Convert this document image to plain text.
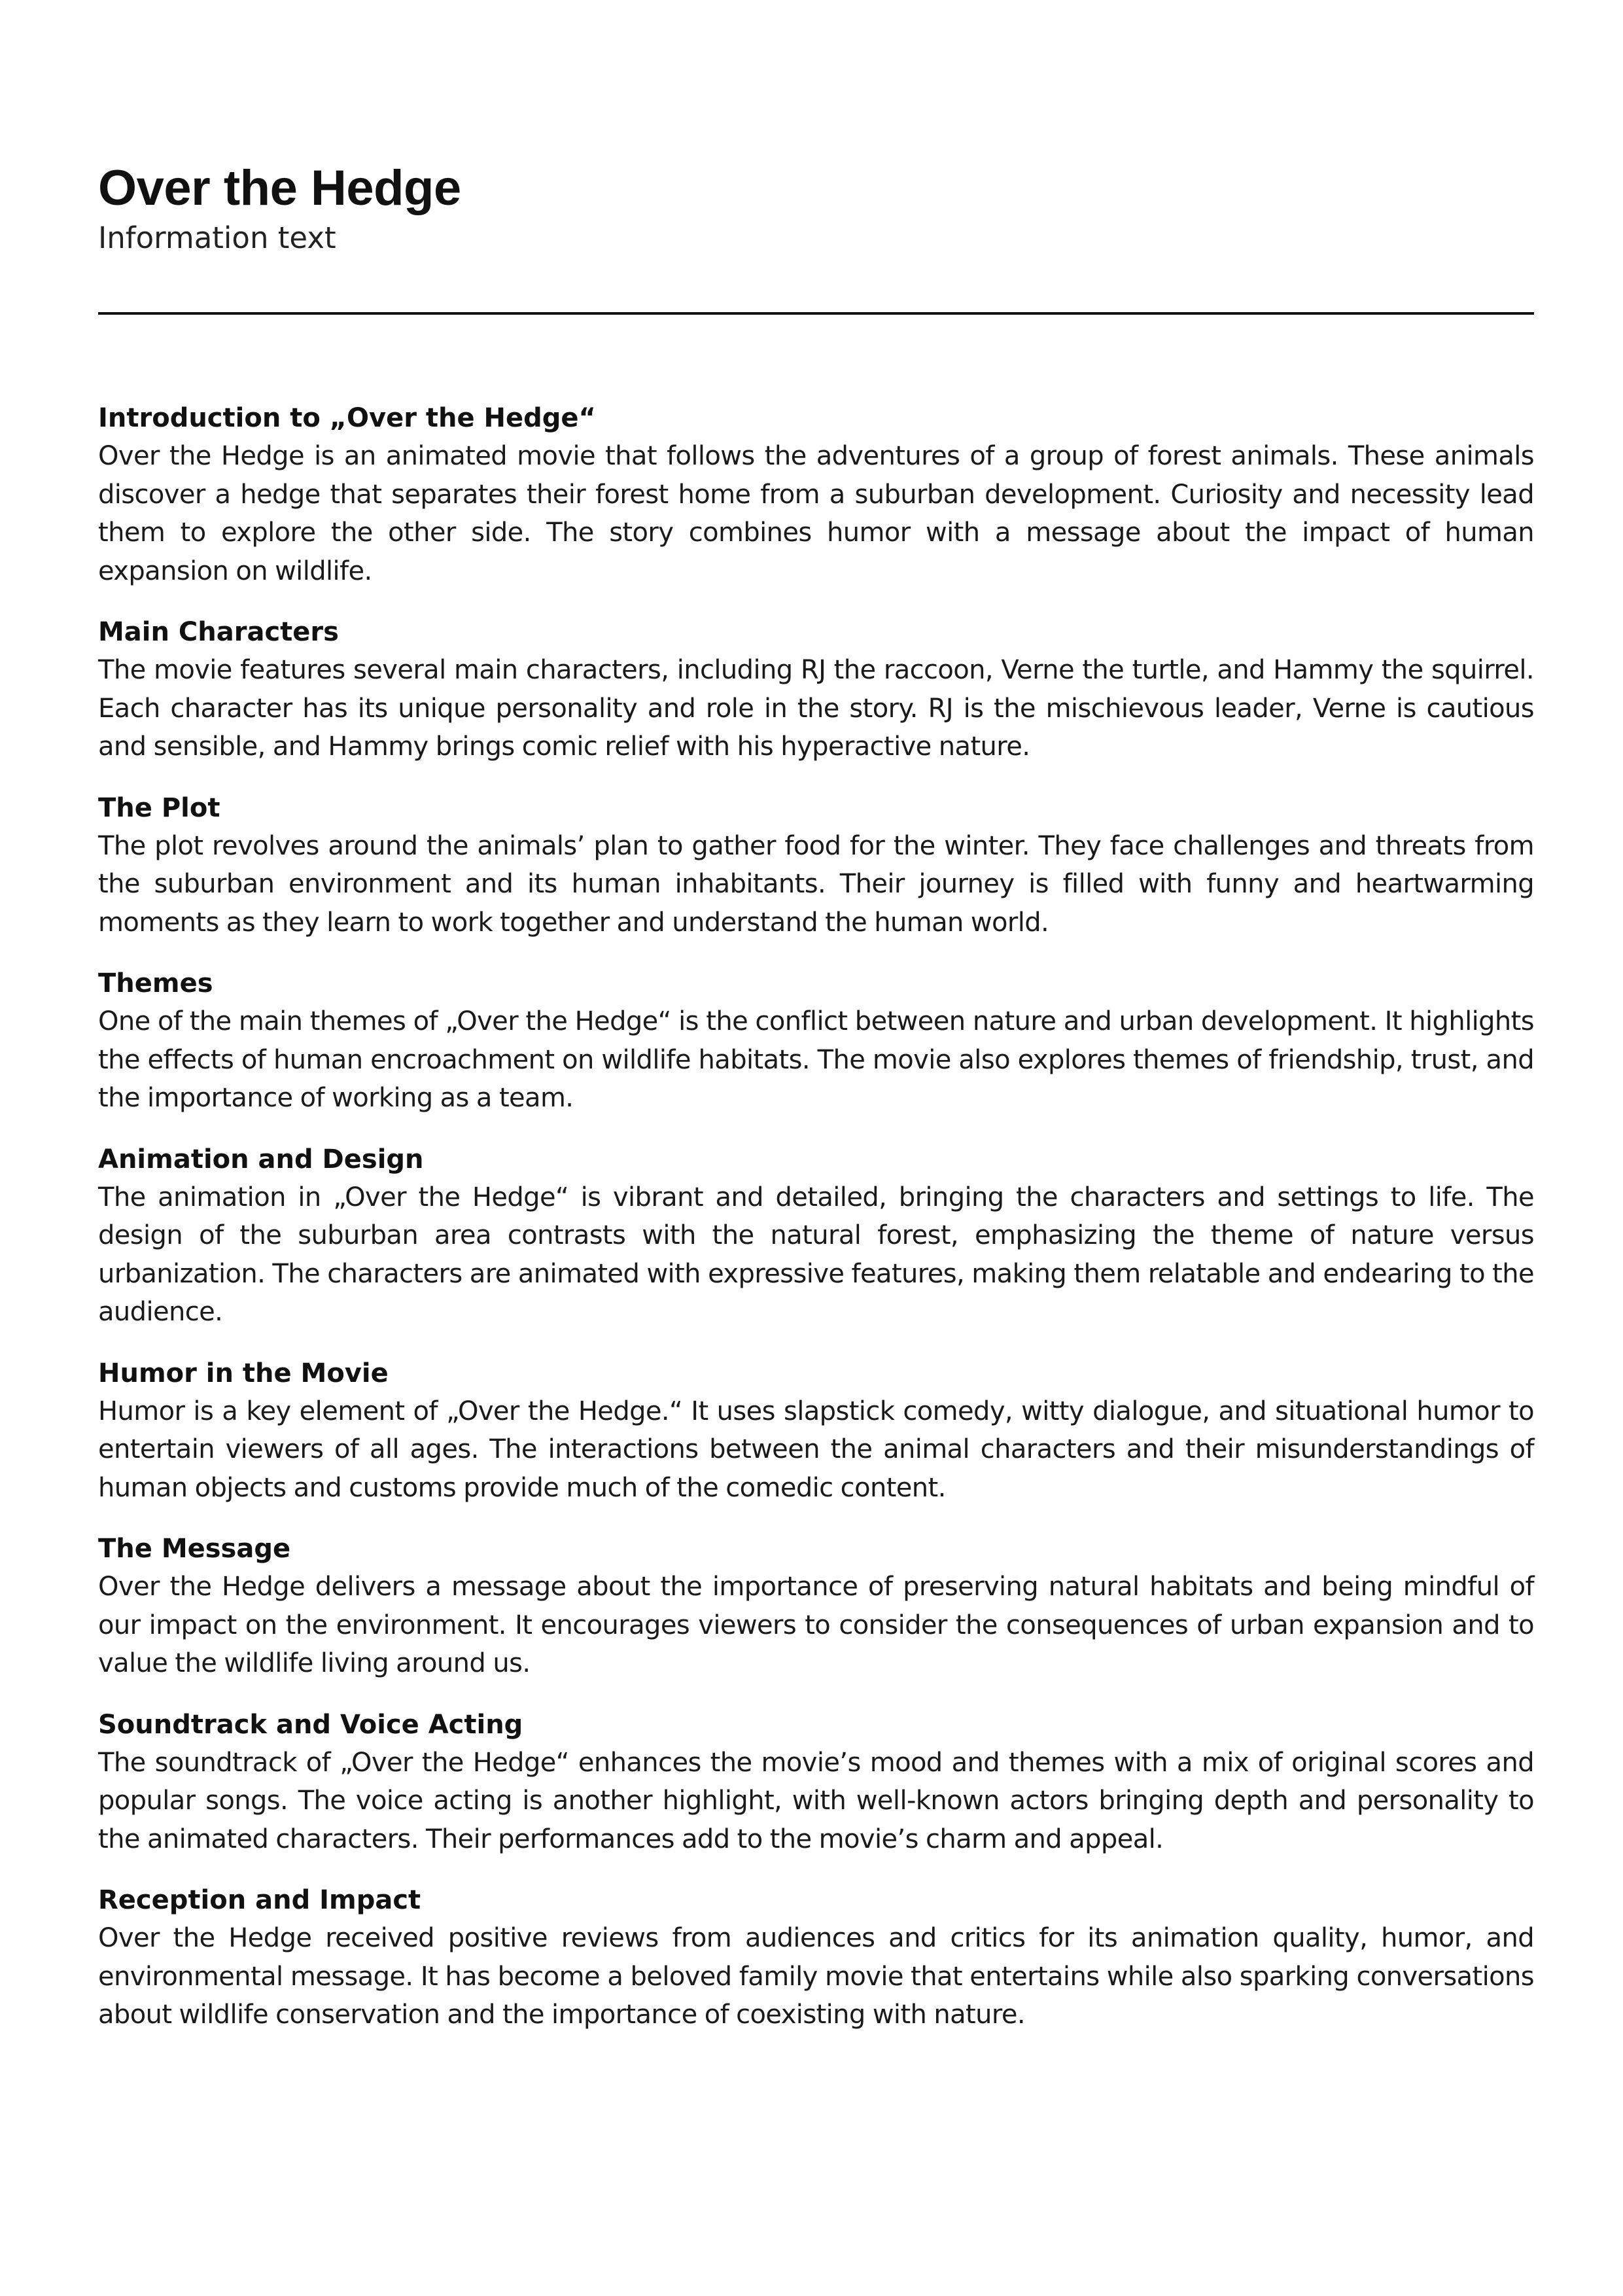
Over the Hedge
Information text
Introduction to „Over the Hedge“

Over the Hedge is an animated movie that follows the adventures of a group of forest animals. These animals discover a hedge that separates their forest home from a suburban development. Curiosity and necessity lead them to explore the other side. The story combines humor with a message about the impact of human expansion on wildlife.

Main Characters

The movie features several main characters, including RJ the raccoon, Verne the turtle, and Hammy the squirrel. Each character has its unique personality and role in the story. RJ is the mischievous leader, Verne is cautious and sensible, and Hammy brings comic relief with his hyperactive nature.

The Plot

The plot revolves around the animals’ plan to gather food for the winter. They face challenges and threats from the suburban environment and its human inhabitants. Their journey is filled with funny and heartwarming moments as they learn to work together and understand the human world.

Themes

One of the main themes of „Over the Hedge“ is the conflict between nature and urban development. It highlights the effects of human encroachment on wildlife habitats. The movie also explores themes of friendship, trust, and the importance of working as a team.

Animation and Design

The animation in „Over the Hedge“ is vibrant and detailed, bringing the characters and settings to life. The design of the suburban area contrasts with the natural forest, emphasizing the theme of nature versus urbanization. The characters are animated with expressive features, making them relatable and endearing to the audience.

Humor in the Movie

Humor is a key element of „Over the Hedge.“ It uses slapstick comedy, witty dialogue, and situational humor to entertain viewers of all ages. The interactions between the animal characters and their misunderstandings of human objects and customs provide much of the comedic content.

The Message

Over the Hedge delivers a message about the importance of preserving natural habitats and being mindful of our impact on the environment. It encourages viewers to consider the consequences of urban expansion and to value the wildlife living around us.

Soundtrack and Voice Acting

The soundtrack of „Over the Hedge“ enhances the movie’s mood and themes with a mix of original scores and popular songs. The voice acting is another highlight, with well-known actors bringing depth and personality to the animated characters. Their performances add to the movie’s charm and appeal.

Reception and Impact

Over the Hedge received positive reviews from audiences and critics for its animation quality, humor, and environmental message. It has become a beloved family movie that entertains while also sparking conversations about wildlife conservation and the importance of coexisting with nature.
